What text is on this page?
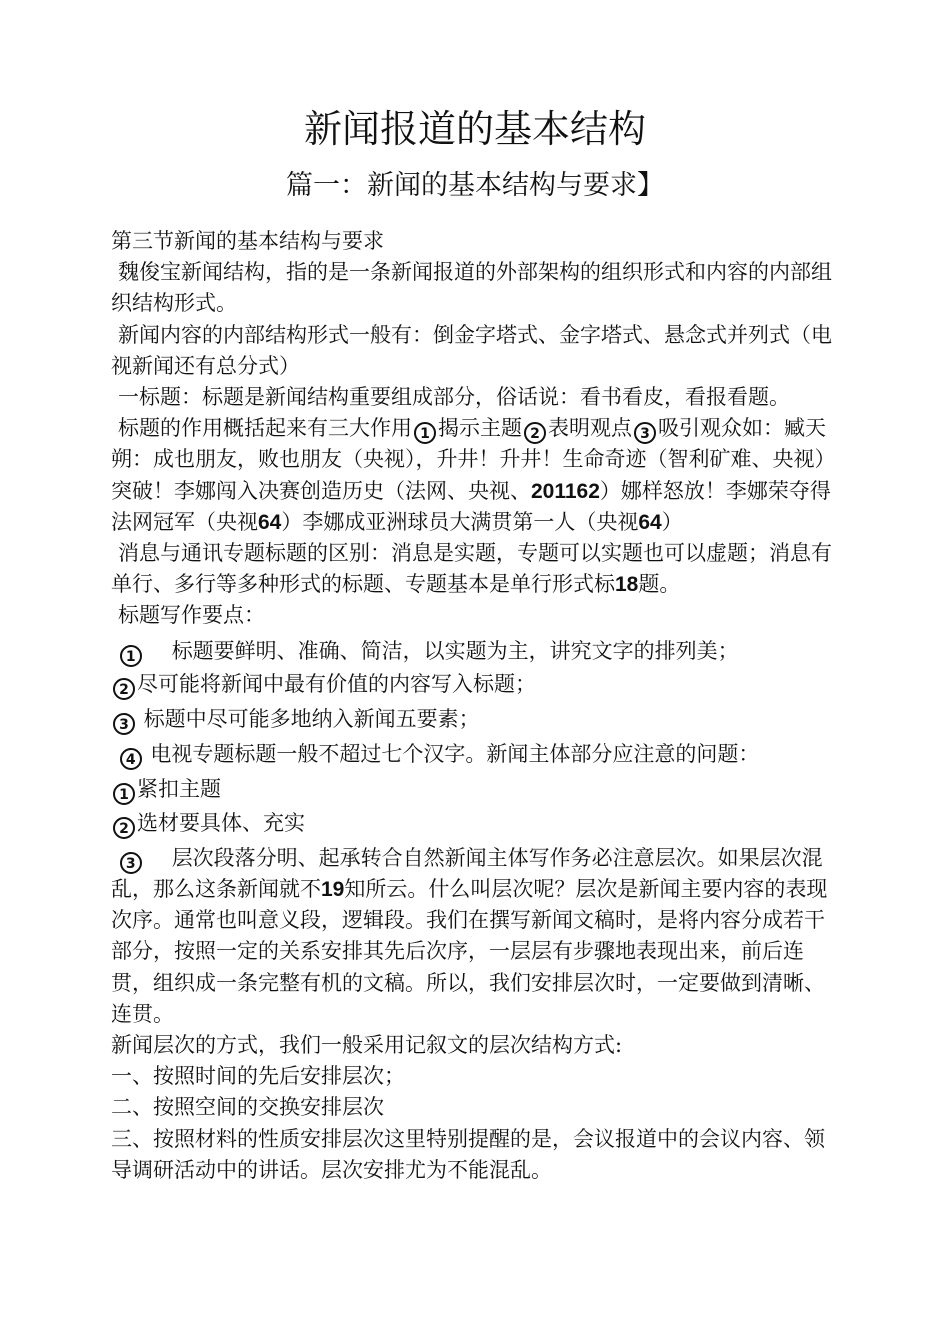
新闻报道的基本结构
篇一：新闻的基本结构与要求】

第三节新闻的基本结构与要求

魏俊宝新闻结构，指的是一条新闻报道的外部架构的组织形式和内容的内部组织结构形式。

新闻内容的内部结构形式一般有：倒金字塔式、金字塔式、悬念式并列式（电视新闻还有总分式）

一标题：标题是新闻结构重要组成部分，俗话说：看书看皮，看报看题。

标题的作用概括起来有三大作用 1 揭示主题 2 表明观点 3 吸引观众如：臧天朔：成也朋友，败也朋友（央视），升井！升井！生命奇迹（智利矿难、央视）突破！李娜闯入决赛创造历史（法网、央视、201162）娜样怒放！李娜荣夺得法网冠军（央视64）李娜成亚洲球员大满贯第一人（央视64）

消息与通讯专题标题的区别：消息是实题，专题可以实题也可以虚题；消息有单行、多行等多种形式的标题、专题基本是单行形式标18题。

标题写作要点：

1 标题要鲜明、准确、简洁，以实题为主，讲究文字的排列美；

2 尽可能将新闻中最有价值的内容写入标题；

3 标题中尽可能多地纳入新闻五要素；

4 电视专题标题一般不超过七个汉字。新闻主体部分应注意的问题：

1 紧扣主题

2 选材要具体、充实

3 层次段落分明、起承转合自然新闻主体写作务必注意层次。如果层次混乱，那么这条新闻就不19知所云。什么叫层次呢？层次是新闻主要内容的表现次序。通常也叫意义段，逻辑段。我们在撰写新闻文稿时，是将内容分成若干部分，按照一定的关系安排其先后次序，一层层有步骤地表现出来，前后连贯，组织成一条完整有机的文稿。所以，我们安排层次时，一定要做到清晰、连贯。

新闻层次的方式，我们一般采用记叙文的层次结构方式:

一、按照时间的先后安排层次；

二、按照空间的交换安排层次

三、按照材料的性质安排层次这里特别提醒的是，会议报道中的会议内容、领导调研活动中的讲话。层次安排尤为不能混乱。
